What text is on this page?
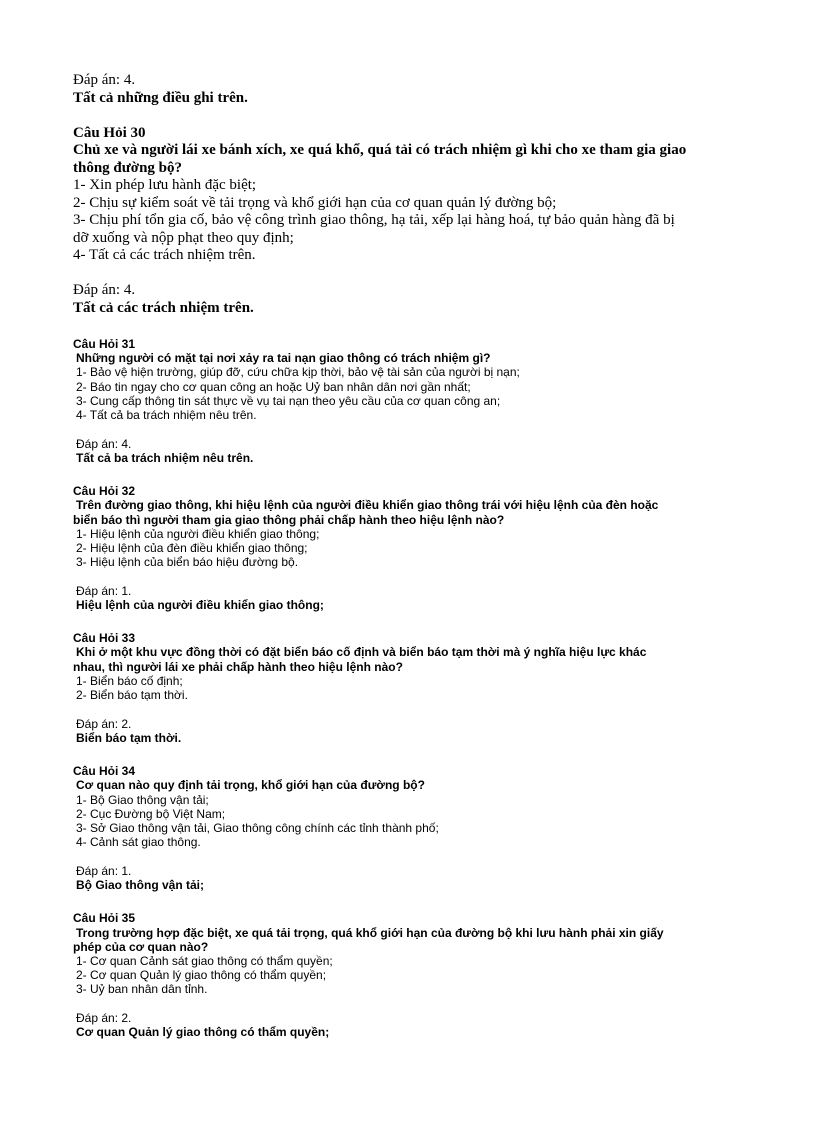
Đáp án: 4.
Tất cả những điều ghi trên.
Câu Hỏi 30
Chủ xe và người lái xe bánh xích, xe quá khổ, quá tải có trách nhiệm gì khi cho xe tham gia giao
thông đường bộ?
1- Xin phép lưu hành đặc biệt;
2- Chịu sự kiểm soát về tải trọng và khổ giới hạn của cơ quan quản lý đường bộ;
3- Chịu phí tổn gia cố, bảo vệ công trình giao thông, hạ tải, xếp lại hàng hoá, tự bảo quản hàng đã bị
dỡ xuống và nộp phạt theo quy định;
4- Tất cả các trách nhiệm trên.
Đáp án: 4.
Tất cả các trách nhiệm trên.
Câu Hỏi 31
Những người có mặt tại nơi xảy ra tai nạn giao thông có trách nhiệm gì?
1- Bảo vệ hiện trường, giúp đỡ, cứu chữa kịp thời, bảo vệ tài sản của người bị nạn;
2- Báo tin ngay cho cơ quan công an hoặc Uỷ ban nhân dân nơi gần nhất;
3- Cung cấp thông tin sát thực về vụ tai nạn theo yêu cầu của cơ quan công an;
4- Tất cả ba trách nhiệm nêu trên.
Đáp án: 4.
Tất cả ba trách nhiệm nêu trên.
Câu Hỏi 32
Trên đường giao thông, khi hiệu lệnh của người điều khiển giao thông trái với hiệu lệnh của đèn hoặc
biển báo thì người tham gia giao thông phải chấp hành theo hiệu lệnh nào?
1- Hiệu lệnh của người điều khiển giao thông;
2- Hiệu lệnh của đèn điều khiển giao thông;
3- Hiệu lệnh của biển báo hiệu đường bộ.
Đáp án: 1.
Hiệu lệnh của người điều khiển giao thông;
Câu Hỏi 33
Khi ở một khu vực đồng thời có đặt biển báo cố định và biển báo tạm thời mà ý nghĩa hiệu lực khác
nhau, thì người lái xe phải chấp hành theo hiệu lệnh nào?
1- Biển báo cố định;
2- Biển báo tạm thời.
Đáp án: 2.
Biển báo tạm thời.
Câu Hỏi 34
Cơ quan nào quy định tải trọng, khổ giới hạn của đường bộ?
1- Bộ Giao thông vận tải;
2- Cục Đường bộ Việt Nam;
3- Sở Giao thông vận tải, Giao thông công chính các tỉnh thành phố;
4- Cảnh sát giao thông.
Đáp án: 1.
Bộ Giao thông vận tải;
Câu Hỏi 35
Trong trường hợp đặc biệt, xe quá tải trọng, quá khổ giới hạn của đường bộ khi lưu hành phải xin giấy
phép của cơ quan nào?
1- Cơ quan Cảnh sát giao thông có thẩm quyền;
2- Cơ quan Quản lý giao thông có thẩm quyền;
3- Uỷ ban nhân dân tỉnh.
Đáp án: 2.
Cơ quan Quản lý giao thông có thẩm quyền;
